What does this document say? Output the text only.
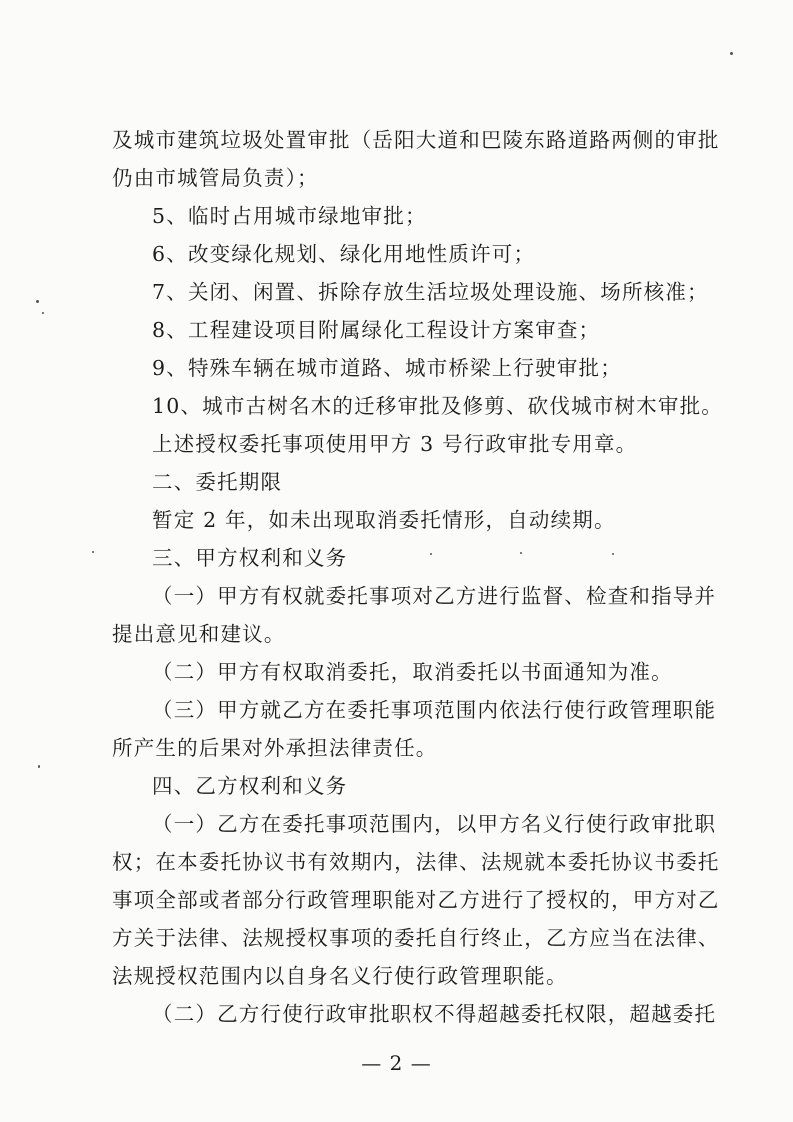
及城市建筑垃圾处置审批（岳阳大道和巴陵东路道路两侧的审批
仍由市城管局负责）；
5、临时占用城市绿地审批；
6、改变绿化规划、绿化用地性质许可；
7、关闭、闲置、拆除存放生活垃圾处理设施、场所核准；
8、工程建设项目附属绿化工程设计方案审查；
9、特殊车辆在城市道路、城市桥梁上行驶审批；
10、城市古树名木的迁移审批及修剪、砍伐城市树木审批。
上述授权委托事项使用甲方 3 号行政审批专用章。
二、委托期限
暂定 2 年，如未出现取消委托情形，自动续期。
三、甲方权利和义务
（一）甲方有权就委托事项对乙方进行监督、检查和指导并
提出意见和建议。
（二）甲方有权取消委托，取消委托以书面通知为准。
（三）甲方就乙方在委托事项范围内依法行使行政管理职能
所产生的后果对外承担法律责任。
四、乙方权利和义务
（一）乙方在委托事项范围内，以甲方名义行使行政审批职
权；在本委托协议书有效期内，法律、法规就本委托协议书委托
事项全部或者部分行政管理职能对乙方进行了授权的，甲方对乙
方关于法律、法规授权事项的委托自行终止，乙方应当在法律、
法规授权范围内以自身名义行使行政管理职能。
（二）乙方行使行政审批职权不得超越委托权限，超越委托
— 2 —
